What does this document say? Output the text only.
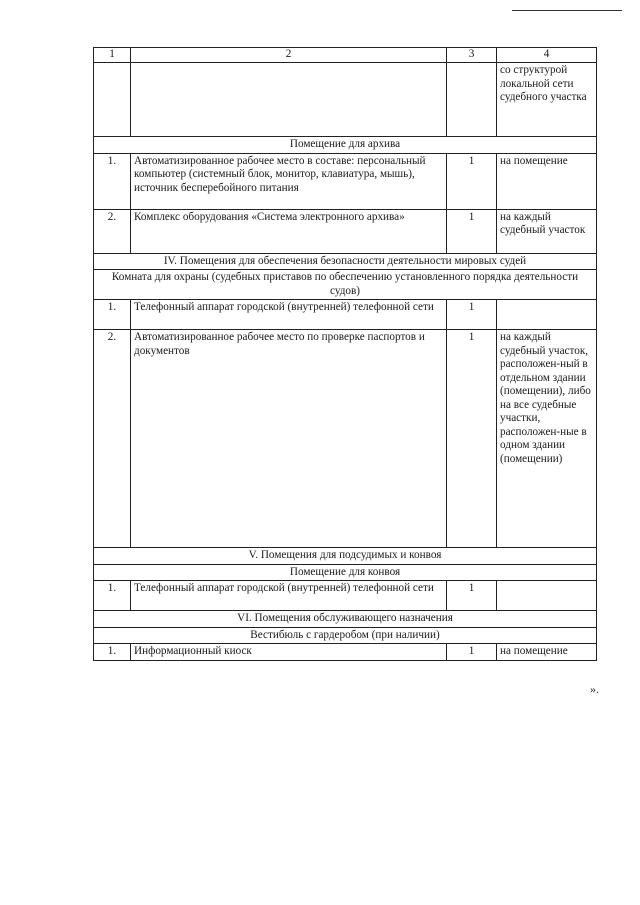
1	2	3	4
			со структурой локальной сети судебного участка
Помещение для архива			
1.	Автоматизированное рабочее место в составе: персональный компьютер (системный блок, монитор, клавиатура, мышь), источник бесперебойного питания	1	на помещение
2.	Комплекс оборудования «Система электронного архива»	1	на каждый судебный участок
IV. Помещения для обеспечения безопасности деятельности мировых судей			
Комната для охраны (судебных приставов по обеспечению установленного порядка деятельности судов)			
1.	Телефонный аппарат городской (внутренней) телефонной сети	1	
2.	Автоматизированное рабочее место по проверке паспортов и документов	1	на каждый судебный участок, расположен-ный в отдельном здании (помещении), либо на все судебные участки, расположен-ные в одном здании (помещении)
V. Помещения для подсудимых и конвоя			
Помещение для конвоя			
1.	Телефонный аппарат городской (внутренней) телефонной сети	1	
VI. Помещения обслуживающего назначения			
Вестибюль с гардеробом (при наличии)			
1.	Информационный киоск	1	на помещение
».
